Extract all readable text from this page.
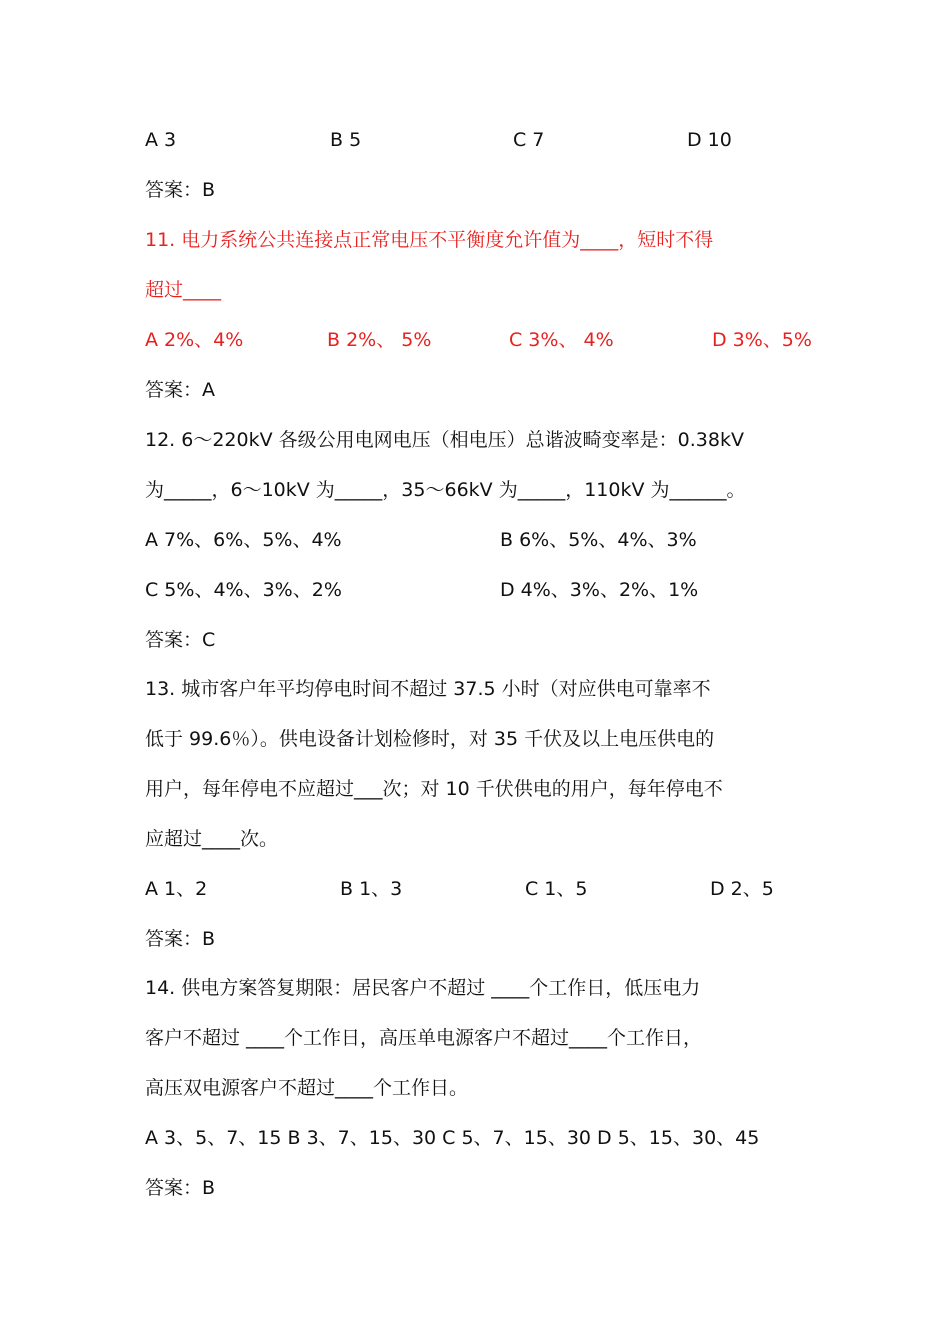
A 3	B 5	C 7	D 10
答案：B
11. 电力系统公共连接点正常电压不平衡度允许值为____，短时不得
超过____
A 2%、4%	B 2%、 5%	C 3%、 4%	D 3%、5%
答案：A
12. 6～220kV 各级公用电网电压（相电压）总谐波畸变率是：0.38kV
为_____，6～10kV 为_____，35～66kV 为_____，110kV 为______。
A 7%、6%、5%、4%	B 6%、5%、4%、3%
C 5%、4%、3%、2%	D 4%、3%、2%、1%
答案：C
13. 城市客户年平均停电时间不超过 37.5 小时（对应供电可靠率不
低于 99.6％）。供电设备计划检修时，对 35 千伏及以上电压供电的
用户，每年停电不应超过___次；对 10 千伏供电的用户，每年停电不
应超过____次。
A 1、2	B 1、3	C 1、5	D 2、5
答案：B
14. 供电方案答复期限：居民客户不超过 ____个工作日，低压电力
客户不超过 ____个工作日，高压单电源客户不超过____个工作日，
高压双电源客户不超过____个工作日。
A 3、5、7、15 B 3、7、15、30 C 5、7、15、30 D 5、15、30、45
答案：B
